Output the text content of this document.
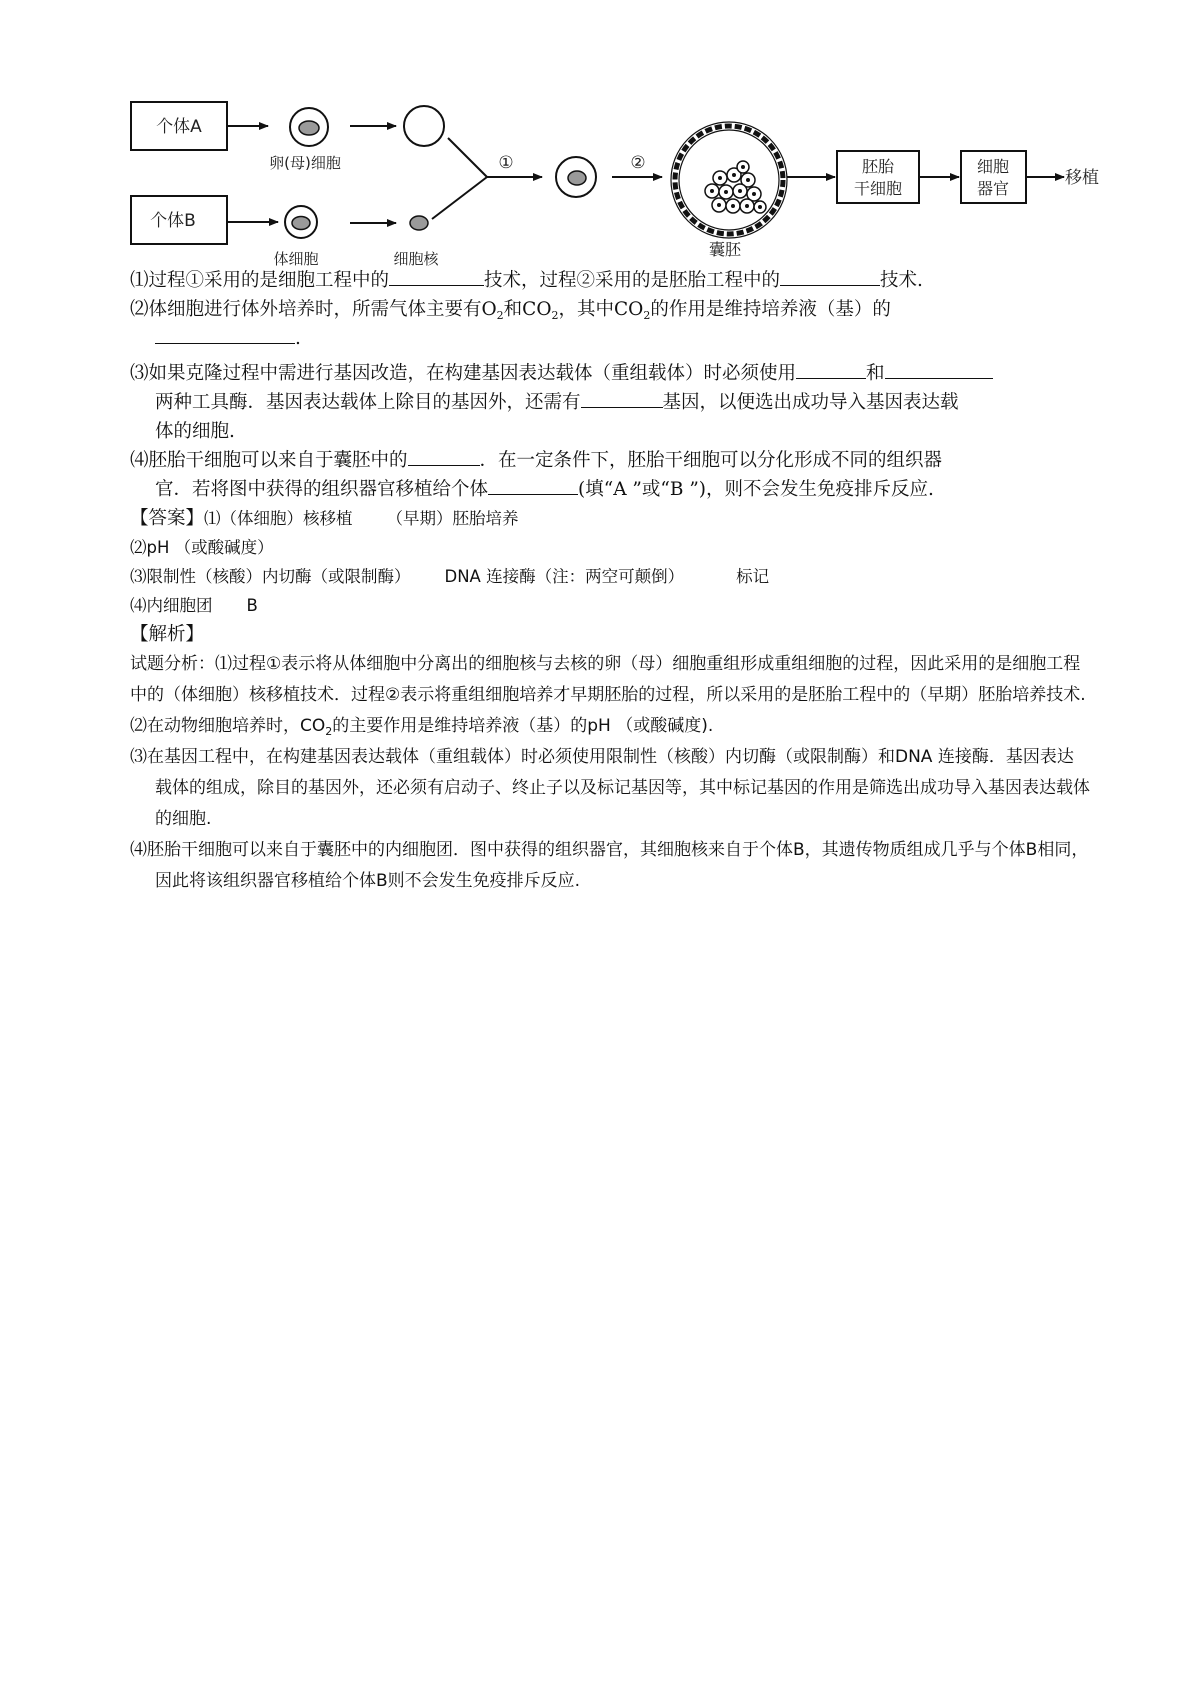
个体A
卵(母)细胞
个体B
体细胞	细胞核
①	②
囊胚
胚胎
干细胞
细胞
器官
移植
⑴过程①采用的是细胞工程中的	技术，过程②采用的是胚胎工程中的	技术.
⑵体细胞进行体外培养时，所需气体主要有$O_2$和$CO_2$，其中$CO_2$的作用是维持培养液（基）的
.
⑶如果克隆过程中需进行基因改造，在构建基因表达载体（重组载体）时必须使用	和
两种工具酶．基因表达载体上除目的基因外，还需有	基因，以便选出成功导入基因表达载
体的细胞.
⑷胚胎干细胞可以来自于囊胚中的	．在一定条件下，胚胎干细胞可以分化形成不同的组织器
官．若将图中获得的组织器官移植给个体	(填“A ”或“B ”)，则不会发生免疫排斥反应.
【答案】⑴（体细胞）核移植 （早期）胚胎培养
⑵pH （或酸碱度）
⑶限制性（核酸）内切酶（或限制酶） DNA 连接酶（注：两空可颠倒）	标记
⑷内细胞团 B
【解析】
试题分析：⑴过程①表示将从体细胞中分离出的细胞核与去核的卵（母）细胞重组形成重组细胞的过程，因此采用的是细胞工程中的（体细胞）核移植技术．过程②表示将重组细胞培养才早期胚胎的过程，所以采用的是胚胎工程中的（早期）胚胎培养技术.
⑵在动物细胞培养时，$CO_2$的主要作用是维持培养液（基）的pH （或酸碱度).
⑶在基因工程中，在构建基因表达载体（重组载体）时必须使用限制性（核酸）内切酶（或限制酶）和DNA 连接酶．基因表达载体的组成，除目的基因外，还必须有启动子、终止子以及标记基因等，其中标记基因的作用是筛选出成功导入基因表达载体的细胞.
⑷胚胎干细胞可以来自于囊胚中的内细胞团．图中获得的组织器官，其细胞核来自于个体B，其遗传物质组成几乎与个体B相同，因此将该组织器官移植给个体B则不会发生免疫排斥反应.
